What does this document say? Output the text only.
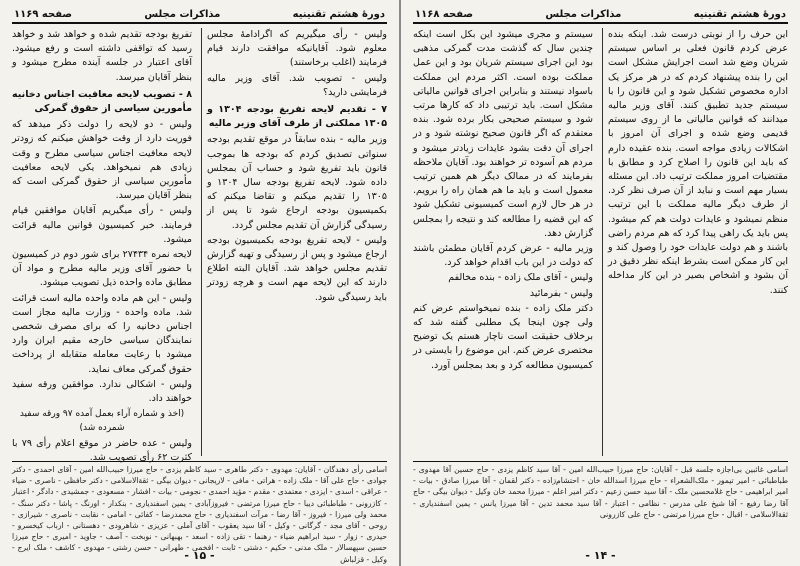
دورهٔ هشتم تقنینیه
مذاکرات مجلس
صفحه ۱۱۶۹

ولیس - رأی میگیریم که اگرادامهٔ مجلس معلوم شود. آقایانیکه موافقت دارند قیام فرمایند (اغلب برخاستند)

ولیس - تصویب شد. آقای وزیر مالیه فرمایشی دارید؟

۷ - تقدیم لایحه تفریغ بودجه ۱۳۰۴ و ۱۳۰۵ مملکتی از طرف آقای وزیر مالیه

وزیر مالیه - بنده سابقاً در موقع تقدیم بودجه سنواتی تصدیق کردم که بودجه ها بموجب قانون باید تفریغ شود و حساب آن بمجلس داده شود. لایحه تفریغ بودجه سال ۱۳۰۴ و ۱۳۰۵ را تقدیم میکنم و تقاضا میکنم که بکمیسیون بودجه ارجاع شود تا پس از رسیدگی گزارش آن تقدیم مجلس گردد.

ولیس - لایحه تفریغ بودجه بکمیسیون بودجه ارجاع میشود و پس از رسیدگی و تهیه گزارش تقدیم مجلس خواهد شد. آقایان البته اطلاع دارند که این لایحه مهم است و هرچه زودتر باید رسیدگی شود.

تفریغ بودجه تقدیم شده و خواهد شد و خواهد رسید که تواقفی داشته است و رفع میشود. آقای اعتبار در جلسه آینده مطرح میشود و بنظر آقایان میرسد.

۸ - تصویب لایحه معافیت اجناس دخانیه مأمورین سیاسی از حقوق گمرکی

ولیس - دو لایحه را دولت ذکر میدهد که فوریت دارد از وقت خواهش میکنم که زودتر لایحه معافیت اجناس سیاسی مطرح و وقت زیادی هم نمیخواهد. یکی لایحه معافیت مأمورین سیاسی از حقوق گمرکی است که بنظر آقایان میرسد.

ولیس - رأی میگیریم آقایان موافقین قیام فرمایند. خبر کمیسیون قوانین مالیه قرائت میشود.

لایحه نمره ۲۷۴۳۴ برای شور دوم در کمیسیون با حضور آقای وزیر مالیه مطرح و مواد آن مطابق ماده واحده ذیل تصویب میشود.

ولیس - این هم ماده واحده مالیه است قرائت شد. ماده واحده - وزارت مالیه مجاز است اجناس دخانیه را که برای مصرف شخصی نمایندگان سیاسی خارجه مقیم ایران وارد میشود با رعایت معامله متقابله از پرداخت حقوق گمرکی معاف نماید.

ولیس - اشکالی ندارد. موافقین ورقه سفید خواهند داد.

(اخذ و شماره آراء بعمل آمده ۹۷ ورقه سفید شمرده شد)

ولیس - عده حاضر در موقع اعلام رأی ۷۹ با کثرت ۶۲ رأی تصویب شد.

اسامی رأی دهندگان - آقایان: مهدوی - دکتر طاهری - سید کاظم یزدی - حاج میرزا حبیب‌الله امین - آقای احمدی - دکتر جوادی - حاج علی آقا - ملک زاده - هراتی - مافی - لاریجانی - دیوان بیگی - ثقة‌الاسلامی - دکتر حافظی - ناصری - ضیاء - عراقی - اسدی - ایزدی - معتمدی - مقدم - مؤید احمدی - نجومی - بیات - افشار - مسعودی - جمشیدی - دادگر - اعتبار - کازرونی - طباطبائی دیبا - حاج میرزا مرتضی - فیروزآبادی - یمین اسفندیاری - بنکدار - اورنگ - پاشا - دکتر سنگ - محمد ولی میرزا - فیروز - آقا رضا - مرآت اسفندیاری - حاج محمدرضا - کفائی - امامی - نقابت - ناصری - شیرازی - روحی - آقای مجد - گرگانی - وکیل - آقا سید یعقوب - آقای آملی - عزیزی - شاهرودی - دهستانی - ارباب کیخسرو - حیدری - زوار - سید ابراهیم ضیاء - رهنما - تقی زاده - اسعد - بهبهانی - نوبخت - آصف - جاوید - امیری - حاج میرزا حسین سپهسالار - ملک مدنی - حکیم - دشتی - ثابت - افخمی - طهرانی - حسن رشتی - مهدوی - کاشف - ملک ایرج - وکیل - قزلباش
- ۱۵ -
دورهٔ هشتم تقنینیه
مذاکرات مجلس
صفحه ۱۱۶۸

این حرف را از نوبتی درست شد. اینکه بنده عرض کردم قانون فعلی بر اساس سیستم شریان وضع شد است اجرایش مشکل است این را بنده پیشنهاد کردم که در هر مرکز یک اداره مخصوص تشکیل شود و این قانون را با سیستم جدید تطبیق کنند. آقای وزیر مالیه میدانند که قوانین مالیاتی ما از روی سیستم قدیمی وضع شده و اجرای آن امروز با اشکالات زیادی مواجه است. بنده عقیده دارم که باید این قانون را اصلاح کرد و مطابق با مقتضیات امروز مملکت ترتیب داد. این مسئله بسیار مهم است و نباید از آن صرف نظر کرد. از طرف دیگر مالیه مملکت با این ترتیب منظم نمیشود و عایدات دولت هم کم میشود. پس باید یک راهی پیدا کرد که هم مردم راضی باشند و هم دولت عایدات خود را وصول کند و این کار ممکن است بشرط اینکه نظر دقیق در آن بشود و اشخاص بصیر در این کار مداخله کنند.

سیستم و مجری میشود این بکل است اینکه چندین سال که گذشت مدت گمرکی مذهبی بود این اجرای سیستم شریان بود و این عمل مملکت بوده است. اکثر مردم این مملکت باسواد نیستند و بنابراین اجرای قوانین مالیاتی مشکل است. باید ترتیبی داد که کارها مرتب شود و سیستم صحیحی بکار برده شود. بنده معتقدم که اگر قانون صحیح نوشته شود و در اجرای آن دقت بشود عایدات زیادتر میشود و مردم هم آسوده تر خواهند بود. آقایان ملاحظه بفرمایند که در ممالک دیگر هم همین ترتیب معمول است و باید ما هم همان راه را برویم. در هر حال لازم است کمیسیونی تشکیل شود که این قضیه را مطالعه کند و نتیجه را بمجلس گزارش دهد.

وزیر مالیه - عرض کردم آقایان مطمئن باشند که دولت در این باب اقدام خواهد کرد.

ولیس - آقای ملک زاده - بنده مخالفم

ولیس - بفرمائید

دکتر ملک زاده - بنده نمیخواستم عرض کنم ولی چون اینجا یک مطلبی گفته شد که برخلاف حقیقت است ناچار هستم یک توضیح مختصری عرض کنم. این موضوع را بایستی در کمیسیون مطالعه کرد و بعد بمجلس آورد.

اسامی غائبین بی‌اجازه جلسه قبل - آقایان: حاج میرزا حبیب‌الله امین - آقا سید کاظم یزدی - حاج حسین آقا مهدوی - طباطبائی - امیر تیمور - ملک‌الشعراء - حاج میرزا اسدالله خان - احتشام‌زاده - دکتر لقمان - آقا میرزا صادق - بیات - امیر ابراهیمی - حاج غلامحسین ملک - آقا سید حسن زعیم - دکتر امیر اعلم - میرزا محمد خان وکیل - دیوان بیگی - حاج آقا رضا رفیع - آقا شیخ علی مدرس - نظامی - اعتبار - آقا سید محمد تدین - آقا میرزا یانس - یمین اسفندیاری - ثقة‌الاسلامی - اقبال - حاج میرزا مرتضی - حاج علی کازرونی
- ۱۴ -
